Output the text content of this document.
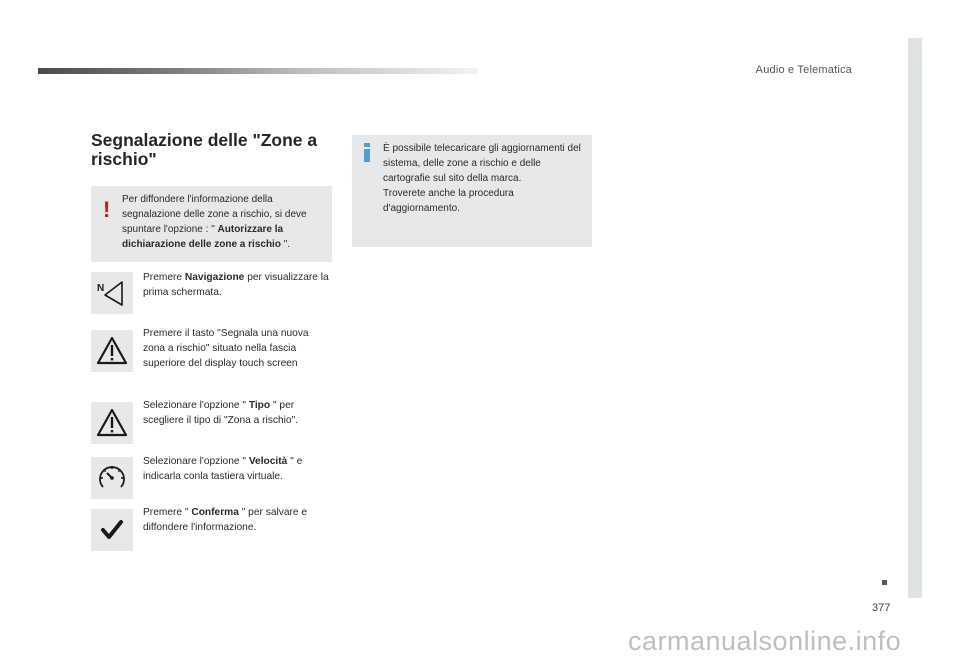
Audio e Telematica
377
Segnalazione delle "Zone a rischio"
! Per diffondere l'informazione della segnalazione delle zone a rischio, si deve spuntare l'opzione : " Autorizzare la dichiarazione delle zone a rischio ".
È possibile telecaricare gli aggiornamenti del sistema, delle zone a rischio e delle cartografie sul sito della marca.
Troverete anche la procedura d'aggiornamento.
N
Premere Navigazione per visualizzare la prima schermata.
Premere il tasto "Segnala una nuova zona a rischio" situato nella fascia superiore del display touch screen
Selezionare l'opzione " Tipo " per scegliere il tipo di "Zona a rischio".
Selezionare l'opzione " Velocità " e indicarla conla tastiera virtuale.
Premere " Conferma " per salvare e diffondere l'informazione.
carmanualsonline.info
